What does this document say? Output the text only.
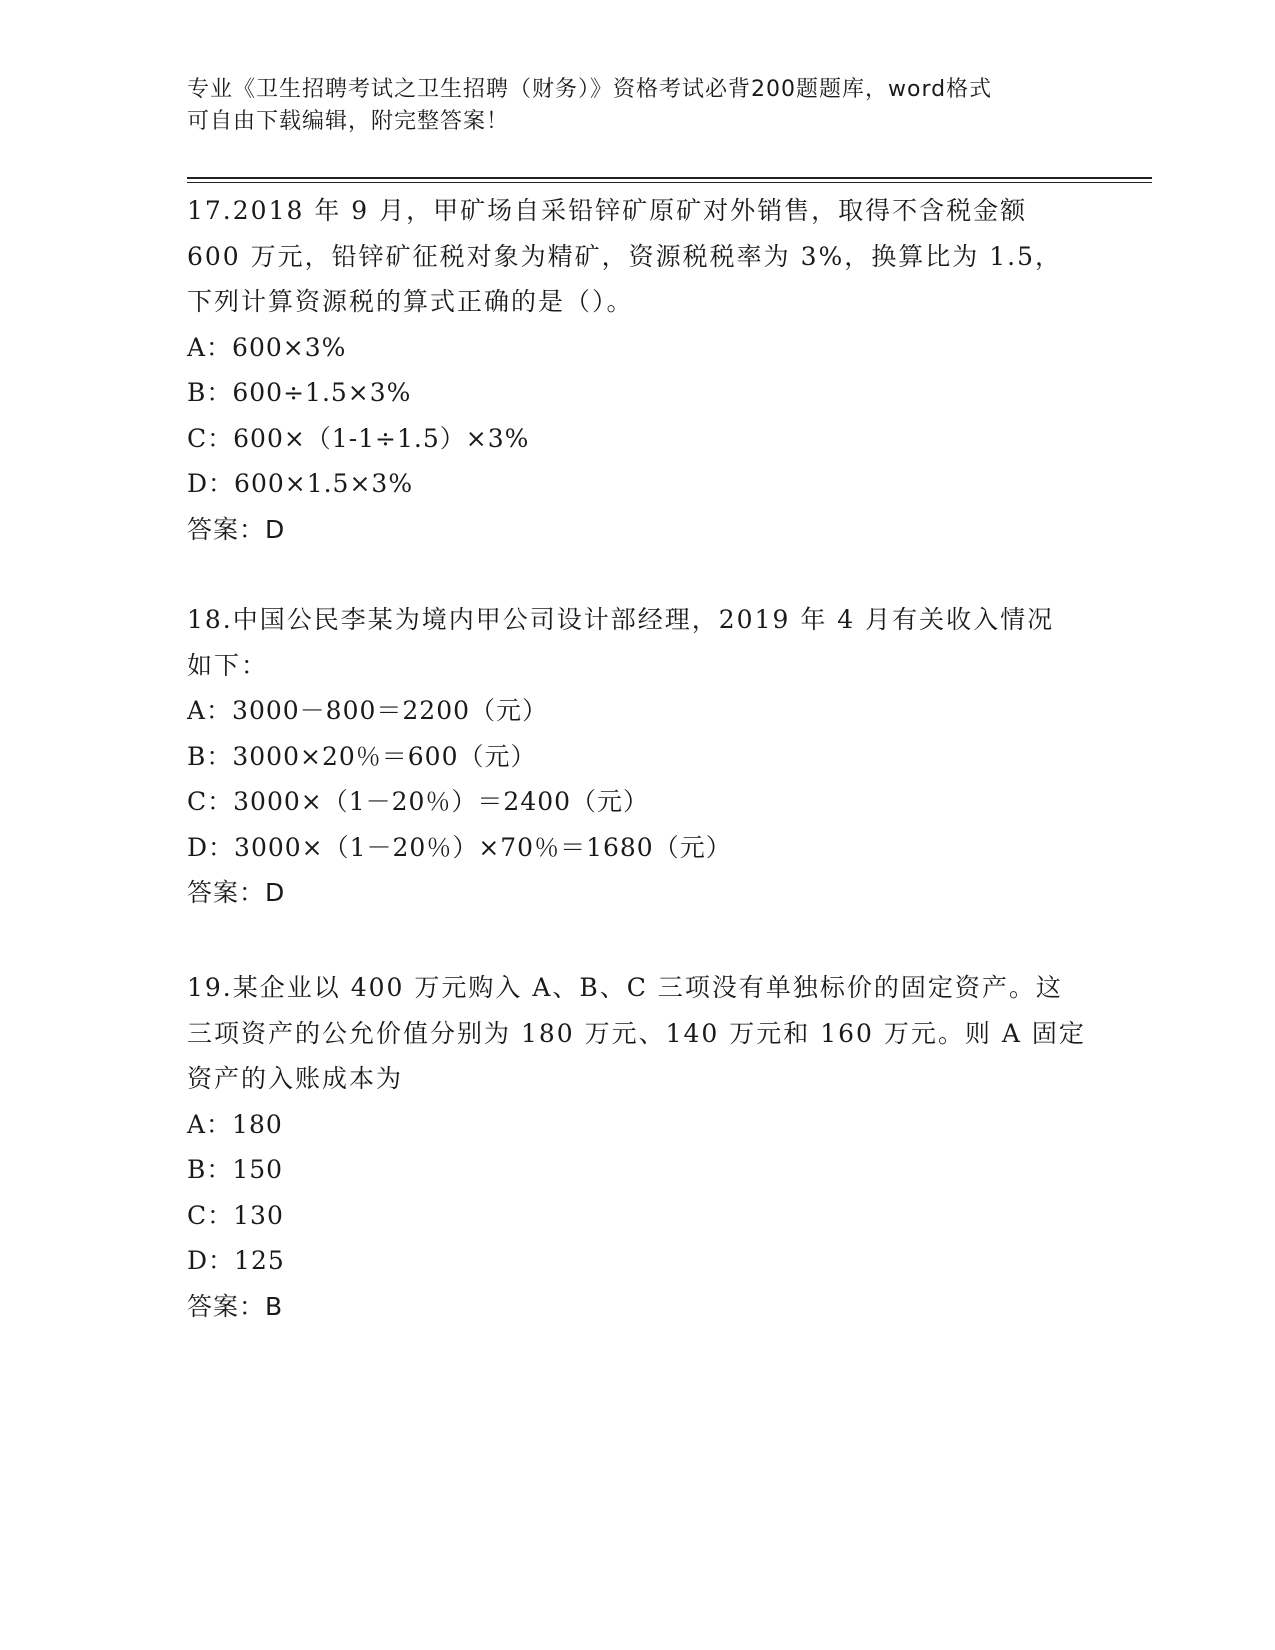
专业《卫生招聘考试之卫生招聘（财务）》资格考试必背200题题库，word格式

可自由下载编辑，附完整答案！

17.2018 年 9 月，甲矿场自采铅锌矿原矿对外销售，取得不含税金额
600 万元，铅锌矿征税对象为精矿，资源税税率为 3%，换算比为 1.5，
下列计算资源税的算式正确的是（）。
A：600×3%
B：600÷1.5×3%
C：600×（1-1÷1.5）×3%
D：600×1.5×3%
答案：D
18.中国公民李某为境内甲公司设计部经理，2019 年 4 月有关收入情况
如下：
A：3000－800＝2200（元）
B：3000×20％＝600（元）
C：3000×（1－20％）＝2400（元）
D：3000×（1－20％）×70％＝1680（元）
答案：D
19.某企业以 400 万元购入 A、B、C 三项没有单独标价的固定资产。这
三项资产的公允价值分别为 180 万元、140 万元和 160 万元。则 A 固定
资产的入账成本为
A：180
B：150
C：130
D：125
答案：B
